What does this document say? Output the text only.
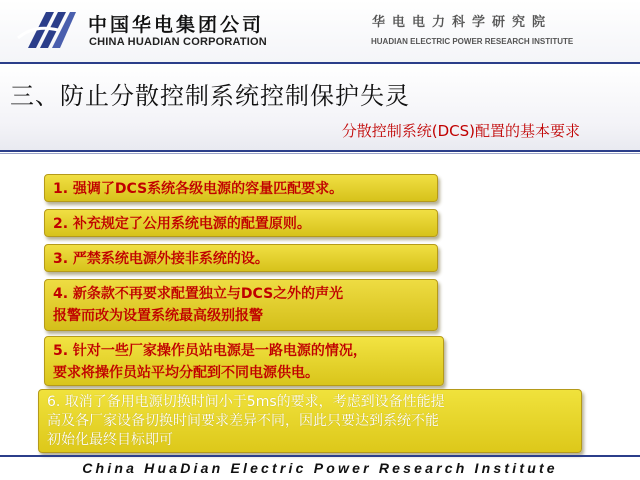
中国华电集团公司
CHINA HUADIAN CORPORATION
华电电力科学研究院
HUADIAN ELECTRIC POWER RESEARCH INSTITUTE
三、防止分散控制系统控制保护失灵
分散控制系统(DCS)配置的基本要求
1. 强调了DCS系统各级电源的容量匹配要求。
2. 补充规定了公用系统电源的配置原则。
3. 严禁系统电源外接非系统的设。
4. 新条款不再要求配置独立与DCS之外的声光
报警而改为设置系统最高级别报警
5. 针对一些厂家操作员站电源是一路电源的情况，
要求将操作员站平均分配到不同电源供电。
6. 取消了备用电源切换时间小于5ms的要求，考虑到设备性能提
高及各厂家设备切换时间要求差异不同，因此只要达到系统不能
初始化最终目标即可
China HuaDian Electric Power Research Institute
